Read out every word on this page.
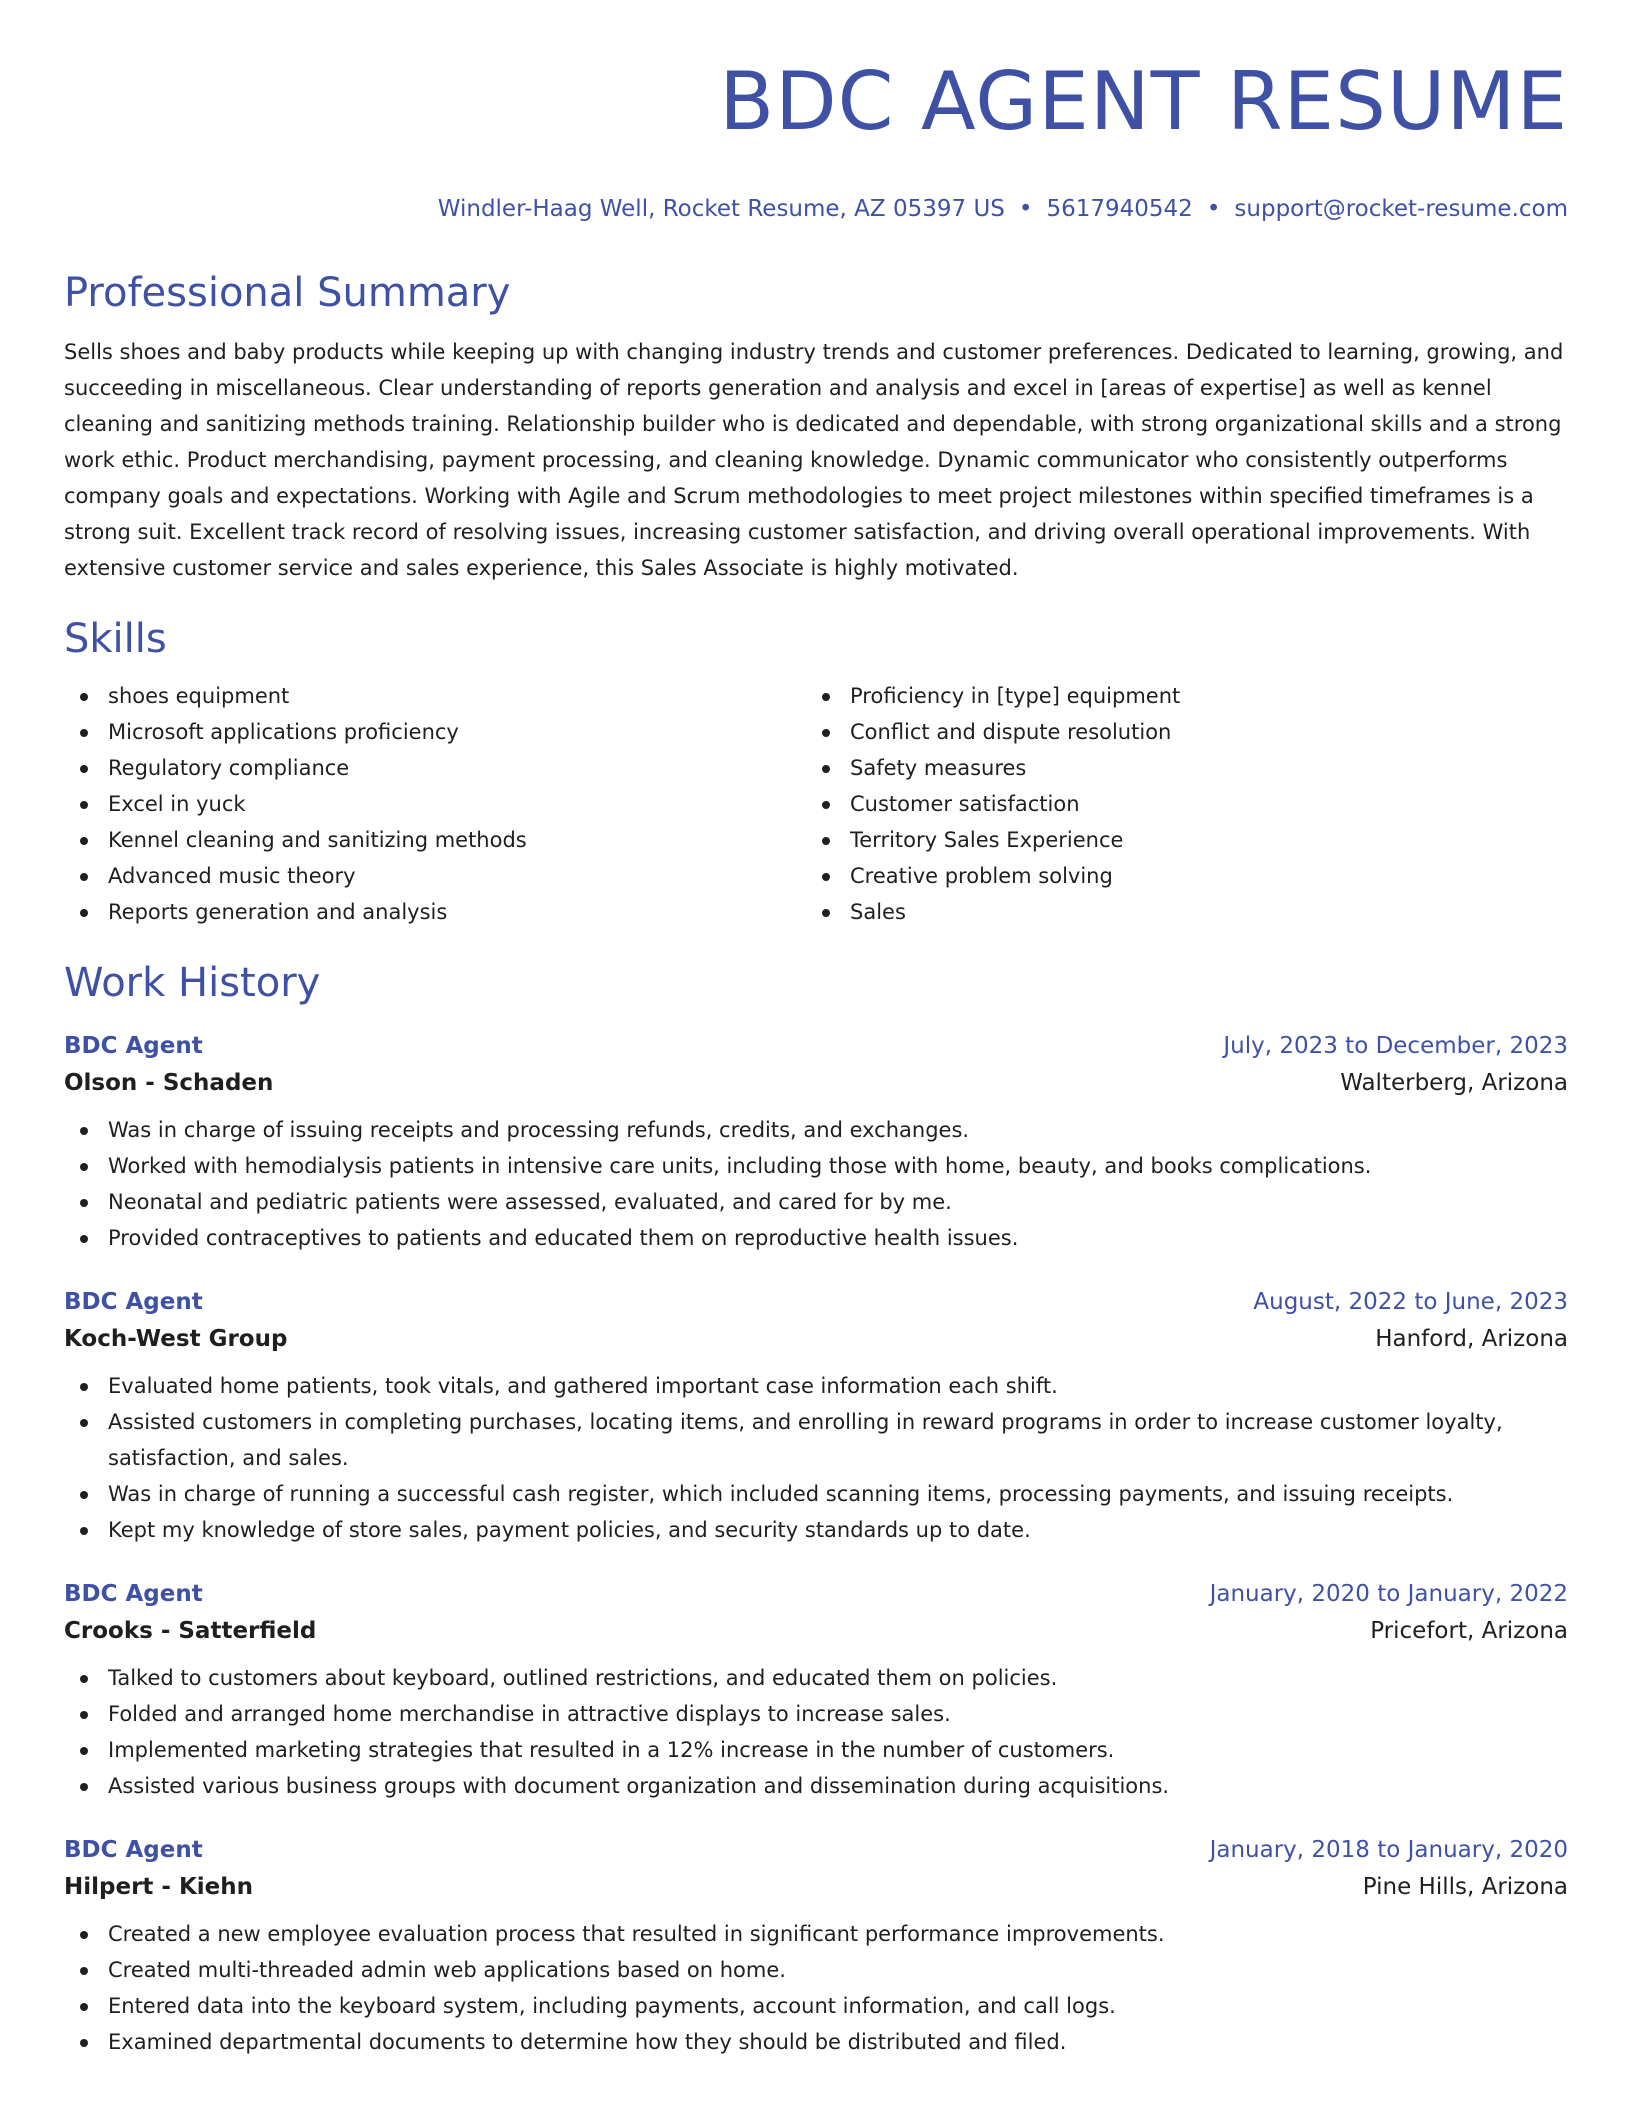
BDC AGENT RESUME
Windler-Haag Well, Rocket Resume, AZ 05397 US • 5617940542 • support@rocket-resume.com
Professional Summary
Sells shoes and baby products while keeping up with changing industry trends and customer preferences. Dedicated to learning, growing, and succeeding in miscellaneous. Clear understanding of reports generation and analysis and excel in [areas of expertise] as well as kennel cleaning and sanitizing methods training. Relationship builder who is dedicated and dependable, with strong organizational skills and a strong work ethic. Product merchandising, payment processing, and cleaning knowledge. Dynamic communicator who consistently outperforms company goals and expectations. Working with Agile and Scrum methodologies to meet project milestones within specified timeframes is a strong suit. Excellent track record of resolving issues, increasing customer satisfaction, and driving overall operational improvements. With extensive customer service and sales experience, this Sales Associate is highly motivated.
Skills
shoes equipment
Microsoft applications proficiency
Regulatory compliance
Excel in yuck
Kennel cleaning and sanitizing methods
Advanced music theory
Reports generation and analysis
Proficiency in [type] equipment
Conflict and dispute resolution
Safety measures
Customer satisfaction
Territory Sales Experience
Creative problem solving
Sales
Work History
BDC Agent	July, 2023 to December, 2023
Olson - Schaden	Walterberg, Arizona
Was in charge of issuing receipts and processing refunds, credits, and exchanges.
Worked with hemodialysis patients in intensive care units, including those with home, beauty, and books complications.
Neonatal and pediatric patients were assessed, evaluated, and cared for by me.
Provided contraceptives to patients and educated them on reproductive health issues.
BDC Agent	August, 2022 to June, 2023
Koch-West Group	Hanford, Arizona
Evaluated home patients, took vitals, and gathered important case information each shift.
Assisted customers in completing purchases, locating items, and enrolling in reward programs in order to increase customer loyalty, satisfaction, and sales.
Was in charge of running a successful cash register, which included scanning items, processing payments, and issuing receipts.
Kept my knowledge of store sales, payment policies, and security standards up to date.
BDC Agent	January, 2020 to January, 2022
Crooks - Satterfield	Pricefort, Arizona
Talked to customers about keyboard, outlined restrictions, and educated them on policies.
Folded and arranged home merchandise in attractive displays to increase sales.
Implemented marketing strategies that resulted in a 12% increase in the number of customers.
Assisted various business groups with document organization and dissemination during acquisitions.
BDC Agent	January, 2018 to January, 2020
Hilpert - Kiehn	Pine Hills, Arizona
Created a new employee evaluation process that resulted in significant performance improvements.
Created multi-threaded admin web applications based on home.
Entered data into the keyboard system, including payments, account information, and call logs.
Examined departmental documents to determine how they should be distributed and filed.
